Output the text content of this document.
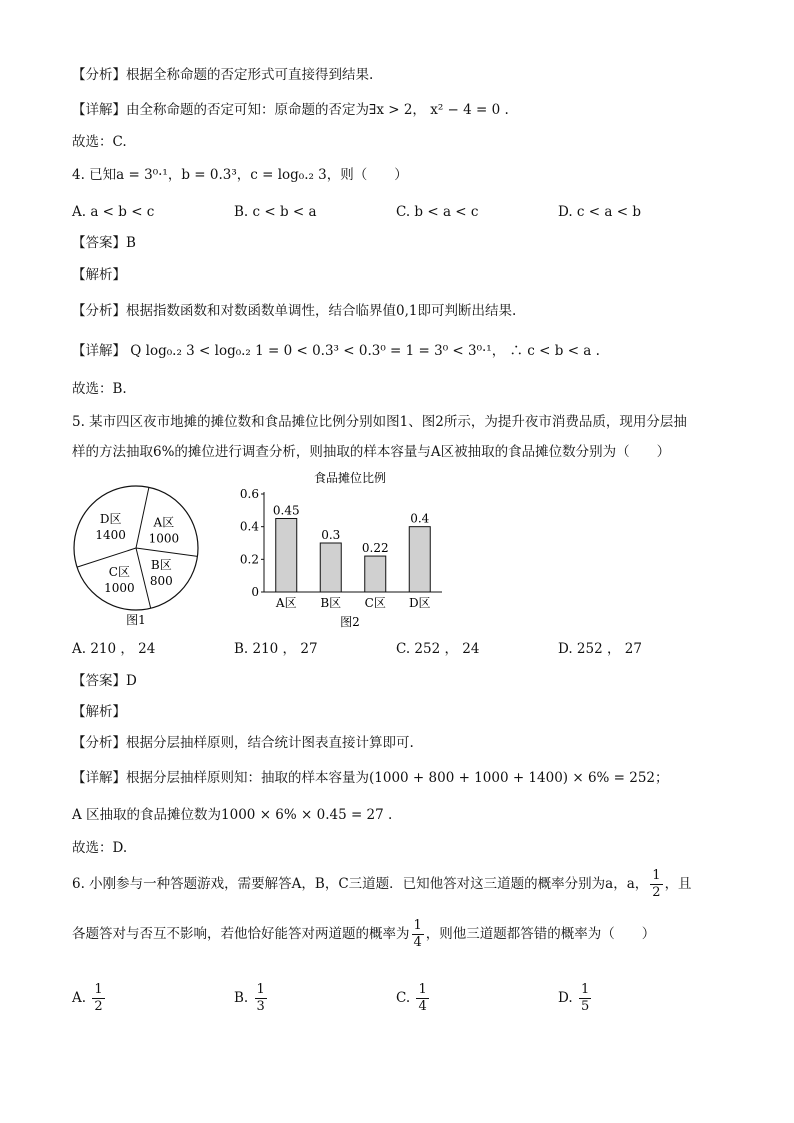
【分析】根据全称命题的否定形式可直接得到结果.
【详解】由全称命题的否定可知：原命题的否定为∃x > 2， x² − 4 = 0 .
故选：C.
4. 已知a = 3⁰·¹，b = 0.3³，c = log₀.₂ 3，则（　　）
A. a < b < c	B. c < b < a	C. b < a < c	D. c < a < b
【答案】B
【解析】
【分析】根据指数函数和对数函数单调性，结合临界值0,1即可判断出结果.
【详解】 Q log₀.₂ 3 < log₀.₂ 1 = 0 < 0.3³ < 0.3⁰ = 1 = 3⁰ < 3⁰·¹， ∴ c < b < a .
故选：B.
5. 某市四区夜市地摊的摊位数和食品摊位比例分别如图1、图2所示，为提升夜市消费品质，现用分层抽
样的方法抽取6%的摊位进行调查分析，则抽取的样本容量与A区被抽取的食品摊位数分别为（　　）
A区
1000
B区
800
C区
1000
D区
1400
图1
食品摊位比例
0
0.2
0.4
0.6
0.45
A区
0.3
B区
0.22
C区
0.4
D区
图2
A. 210 ， 24	B. 210 ， 27	C. 252 ， 24	D. 252 ， 27
【答案】D
【解析】
【分析】根据分层抽样原则，结合统计图表直接计算即可.
【详解】根据分层抽样原则知：抽取的样本容量为(1000 + 800 + 1000 + 1400) × 6% = 252；
A 区抽取的食品摊位数为1000 × 6% × 0.45 = 27 .
故选：D.
6. 小刚参与一种答题游戏，需要解答A，B，C三道题．已知他答对这三道题的概率分别为a，a， $\frac{1}{2}$ ，且
各题答对与否互不影响，若他恰好能答对两道题的概率为 $\frac{1}{4}$ ，则他三道题都答错的概率为（　　）
A. $\frac{1}{2}$	B. $\frac{1}{3}$	C. $\frac{1}{4}$	D. $\frac{1}{5}$
